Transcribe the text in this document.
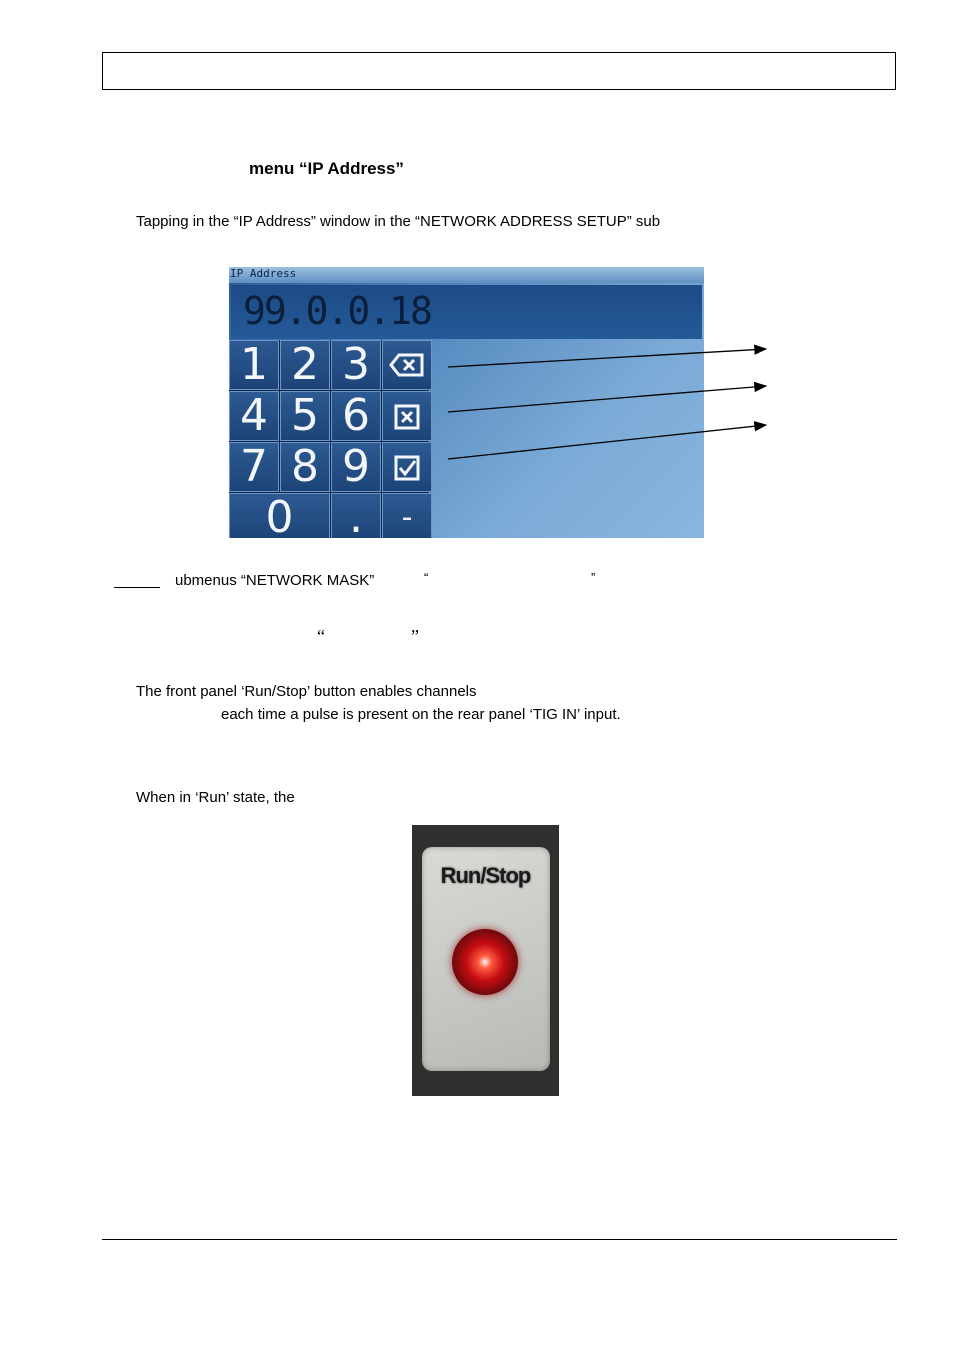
menu “IP Address”
Tapping in the “IP Address” window in the “NETWORK ADDRESS SETUP” sub
IP Address
99.0.0.18
1 2 3
4 5 6
7 8 9
0	.	-
ubmenus “NETWORK MASK”	“	”
“	”
The front panel ‘Run/Stop’ button enables channels
each time a pulse is present on the rear panel ‘TIG IN’ input.
When in ‘Run’ state, the
Run/Stop
